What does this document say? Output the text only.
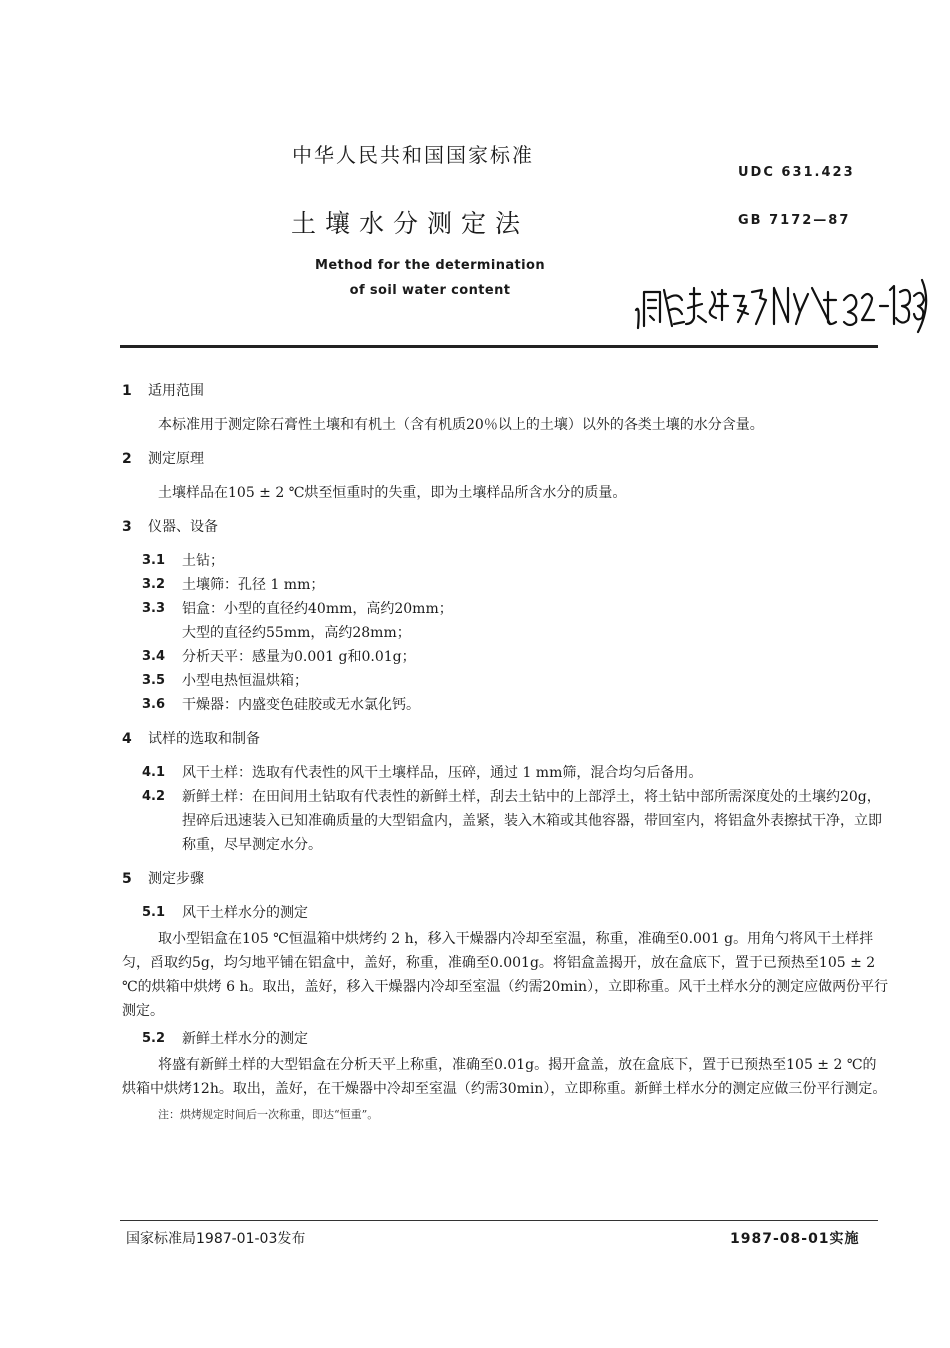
中华人民共和国国家标准
UDC 631.423
土壤水分测定法	GB 7172—87
Method for the determination
of soil water content
1	适用范围
本标准用于测定除石膏性土壤和有机土（含有机质20％以上的土壤）以外的各类土壤的水分含量。
2	测定原理
土壤样品在105 ± 2 ℃烘至恒重时的失重，即为土壤样品所含水分的质量。
3	仪器、设备
3.1	土钻；
3.2	土壤筛：孔径 1 mm；
3.3	铝盒：小型的直径约40mm，高约20mm；
大型的直径约55mm，高约28mm；
3.4	分析天平：感量为0.001 g和0.01g；
3.5	小型电热恒温烘箱；
3.6	干燥器：内盛变色硅胶或无水氯化钙。
4	试样的选取和制备
4.1	风干土样：选取有代表性的风干土壤样品，压碎，通过 1 mm筛，混合均匀后备用。
4.2	新鲜土样：在田间用土钻取有代表性的新鲜土样，刮去土钻中的上部浮土，将土钻中部所需深度处的土壤约20g，捏碎后迅速装入已知准确质量的大型铝盒内，盖紧，装入木箱或其他容器，带回室内，将铝盒外表擦拭干净，立即称重，尽早测定水分。
5	测定步骤
5.1	风干土样水分的测定
取小型铝盒在105 ℃恒温箱中烘烤约 2 h，移入干燥器内冷却至室温，称重，准确至0.001 g。用角勺将风干土样拌匀，舀取约5g，均匀地平铺在铝盒中，盖好，称重，准确至0.001g。将铝盒盖揭开，放在盒底下，置于已预热至105 ± 2 ℃的烘箱中烘烤 6 h。取出，盖好，移入干燥器内冷却至室温（约需20min），立即称重。风干土样水分的测定应做两份平行测定。
5.2	新鲜土样水分的测定
将盛有新鲜土样的大型铝盒在分析天平上称重，准确至0.01g。揭开盒盖，放在盒底下，置于已预热至105 ± 2 ℃的烘箱中烘烤12h。取出，盖好，在干燥器中冷却至室温（约需30min），立即称重。新鲜土样水分的测定应做三份平行测定。
注：烘烤规定时间后一次称重，即达“恒重”。
国家标准局1987-01-03发布	1987-08-01实施
